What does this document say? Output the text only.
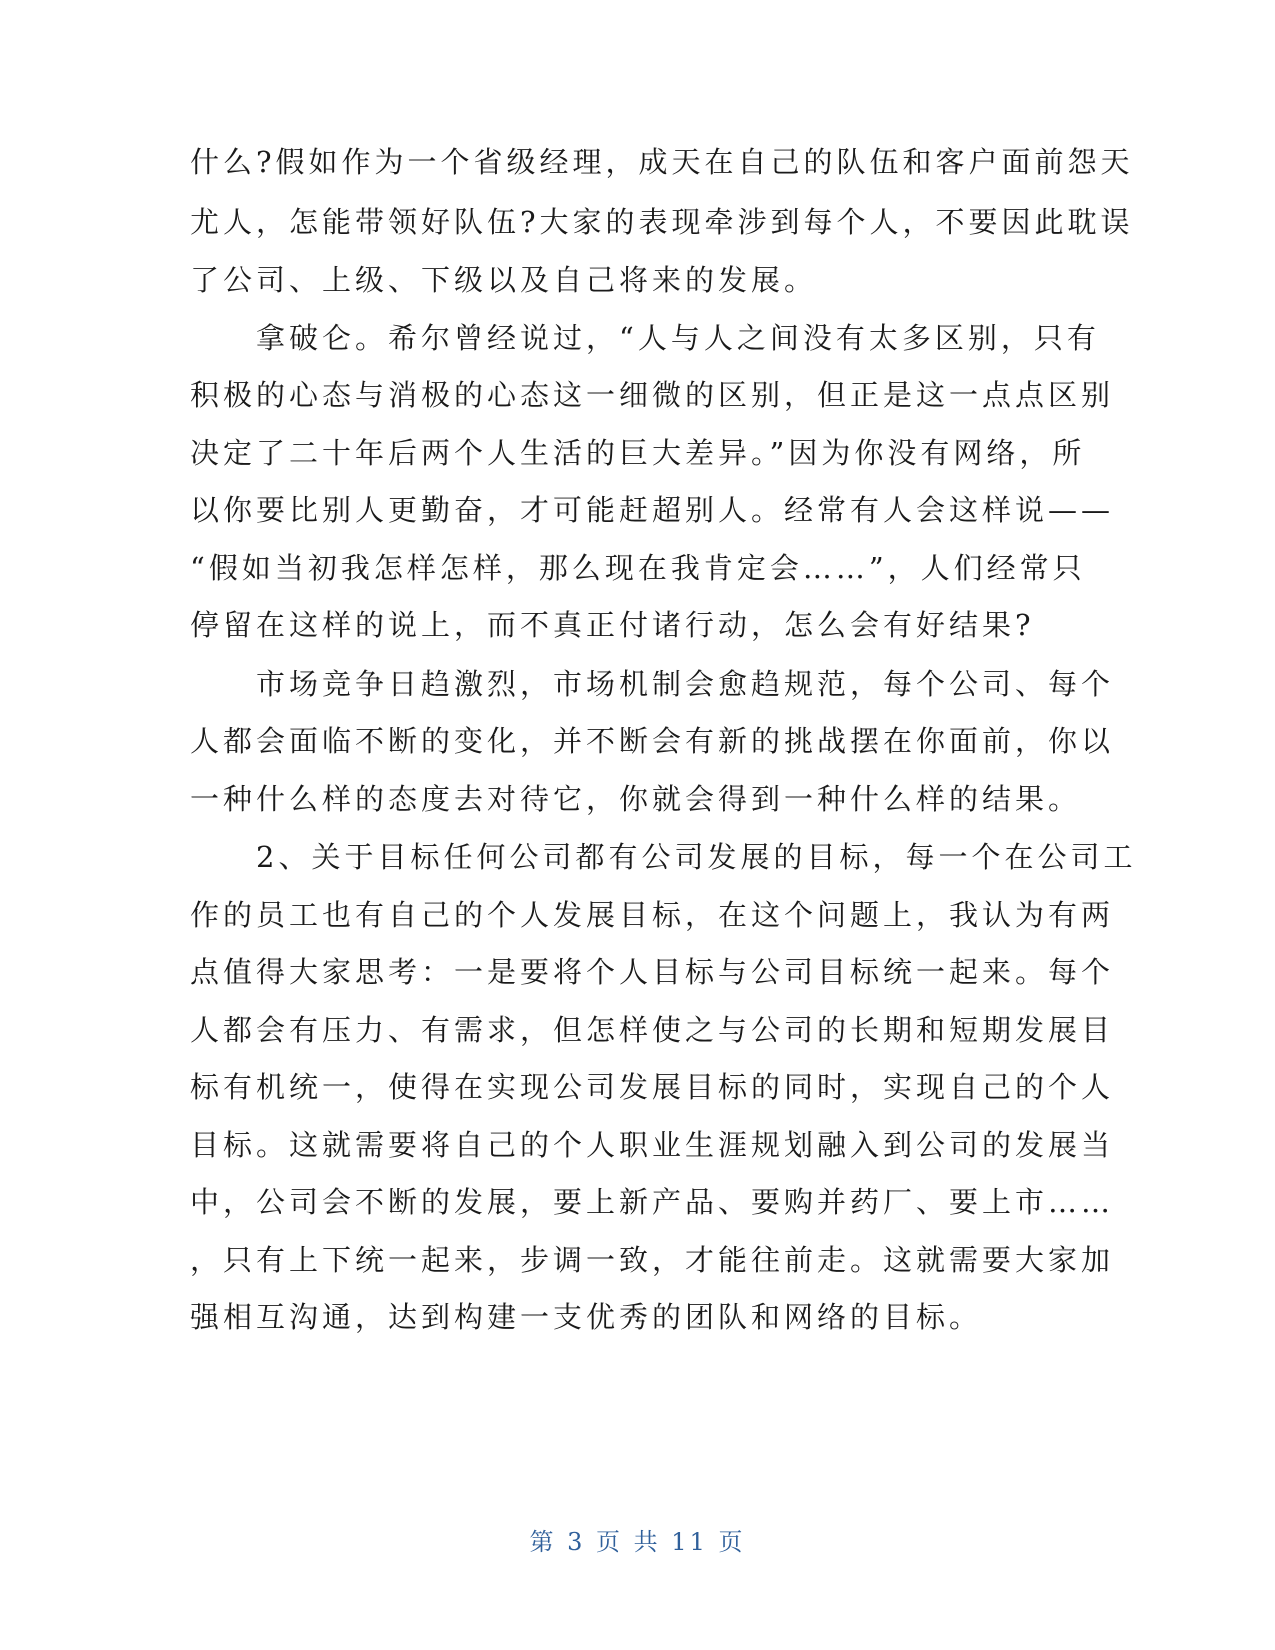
什么?假如作为一个省级经理，成天在自己的队伍和客户面前怨天
尤人，怎能带领好队伍?大家的表现牵涉到每个人，不要因此耽误
了公司、上级、下级以及自己将来的发展。
　　拿破仑。希尔曾经说过，“人与人之间没有太多区别，只有
积极的心态与消极的心态这一细微的区别，但正是这一点点区别
决定了二十年后两个人生活的巨大差异。”因为你没有网络，所
以你要比别人更勤奋，才可能赶超别人。经常有人会这样说——
“假如当初我怎样怎样，那么现在我肯定会……”，人们经常只
停留在这样的说上，而不真正付诸行动，怎么会有好结果?
　　市场竞争日趋激烈，市场机制会愈趋规范，每个公司、每个
人都会面临不断的变化，并不断会有新的挑战摆在你面前，你以
一种什么样的态度去对待它，你就会得到一种什么样的结果。
　　2、关于目标任何公司都有公司发展的目标，每一个在公司工
作的员工也有自己的个人发展目标，在这个问题上，我认为有两
点值得大家思考：一是要将个人目标与公司目标统一起来。每个
人都会有压力、有需求，但怎样使之与公司的长期和短期发展目
标有机统一，使得在实现公司发展目标的同时，实现自己的个人
目标。这就需要将自己的个人职业生涯规划融入到公司的发展当
中，公司会不断的发展，要上新产品、要购并药厂、要上市……
，只有上下统一起来，步调一致，才能往前走。这就需要大家加
强相互沟通，达到构建一支优秀的团队和网络的目标。
第 3 页 共 11 页
